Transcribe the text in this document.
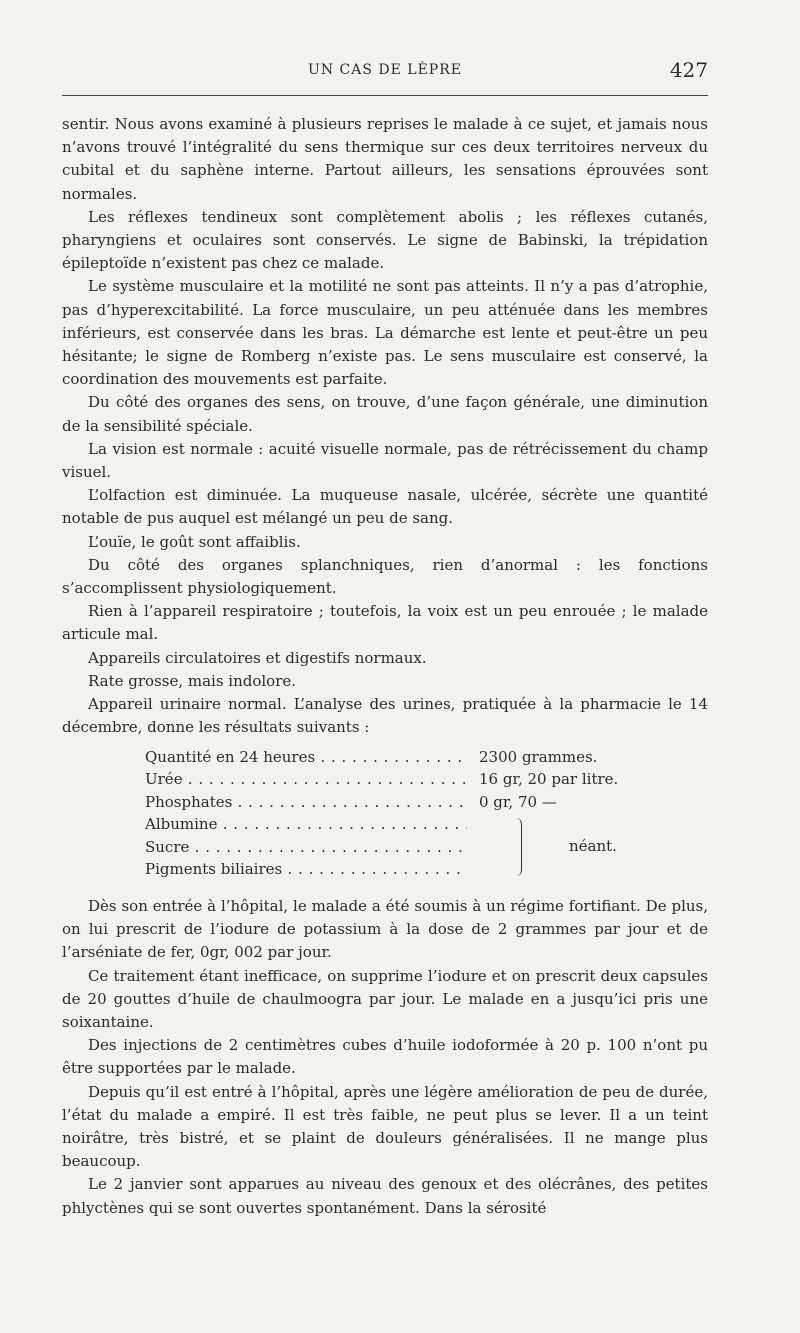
UN CAS DE LÈPRE	427

sentir. Nous avons examiné à plusieurs reprises le malade à ce sujet, et jamais nous n’avons trouvé l’intégralité du sens thermique sur ces deux territoires nerveux du cubital et du saphène interne. Partout ailleurs, les sensations éprouvées sont normales.

Les réflexes tendineux sont complètement abolis ; les réflexes cutanés, pharyngiens et oculaires sont conservés. Le signe de Babinski, la trépidation épileptoïde n’existent pas chez ce malade.

Le système musculaire et la motilité ne sont pas atteints. Il n’y a pas d’atrophie, pas d’hyperexcitabilité. La force musculaire, un peu atténuée dans les membres inférieurs, est conservée dans les bras. La démarche est lente et peut-être un peu hésitante; le signe de Romberg n’existe pas. Le sens musculaire est conservé, la coordination des mouvements est parfaite.

Du côté des organes des sens, on trouve, d’une façon générale, une diminution de la sensibilité spéciale.

La vision est normale : acuité visuelle normale, pas de rétrécissement du champ visuel.

L’olfaction est diminuée. La muqueuse nasale, ulcérée, sécrète une quantité notable de pus auquel est mélangé un peu de sang.

L’ouïe, le goût sont affaiblis.

Du côté des organes splanchniques, rien d’anormal : les fonctions s’accomplissent physiologiquement.

Rien à l’appareil respiratoire ; toutefois, la voix est un peu enrouée ; le malade articule mal.

Appareils circulatoires et digestifs normaux.

Rate grosse, mais indolore.

Appareil urinaire normal. L’analyse des urines, pratiquée à la pharmacie le 14 décembre, donne les résultats suivants :

Quantité en 24 heures . . .	2300 grammes.
Urée . . .	16 gr, 20 par litre.
Phosphates . . .	0 gr, 70 —
Albumine . . .
Sucre . . .
Pigments biliaires . . .
néant.

Dès son entrée à l’hôpital, le malade a été soumis à un régime fortifiant. De plus, on lui prescrit de l’iodure de potassium à la dose de 2 grammes par jour et de l’arséniate de fer, 0gr, 002 par jour.

Ce traitement étant inefficace, on supprime l’iodure et on prescrit deux capsules de 20 gouttes d’huile de chaulmoogra par jour. Le malade en a jusqu’ici pris une soixantaine.

Des injections de 2 centimètres cubes d’huile iodoformée à 20 p. 100 n’ont pu être supportées par le malade.

Depuis qu’il est entré à l’hôpital, après une légère amélioration de peu de durée, l’état du malade a empiré. Il est très faible, ne peut plus se lever. Il a un teint noirâtre, très bistré, et se plaint de douleurs généralisées. Il ne mange plus beaucoup.

Le 2 janvier sont apparues au niveau des genoux et des olécrânes, des petites phlyctènes qui se sont ouvertes spontanément. Dans la sérosité
